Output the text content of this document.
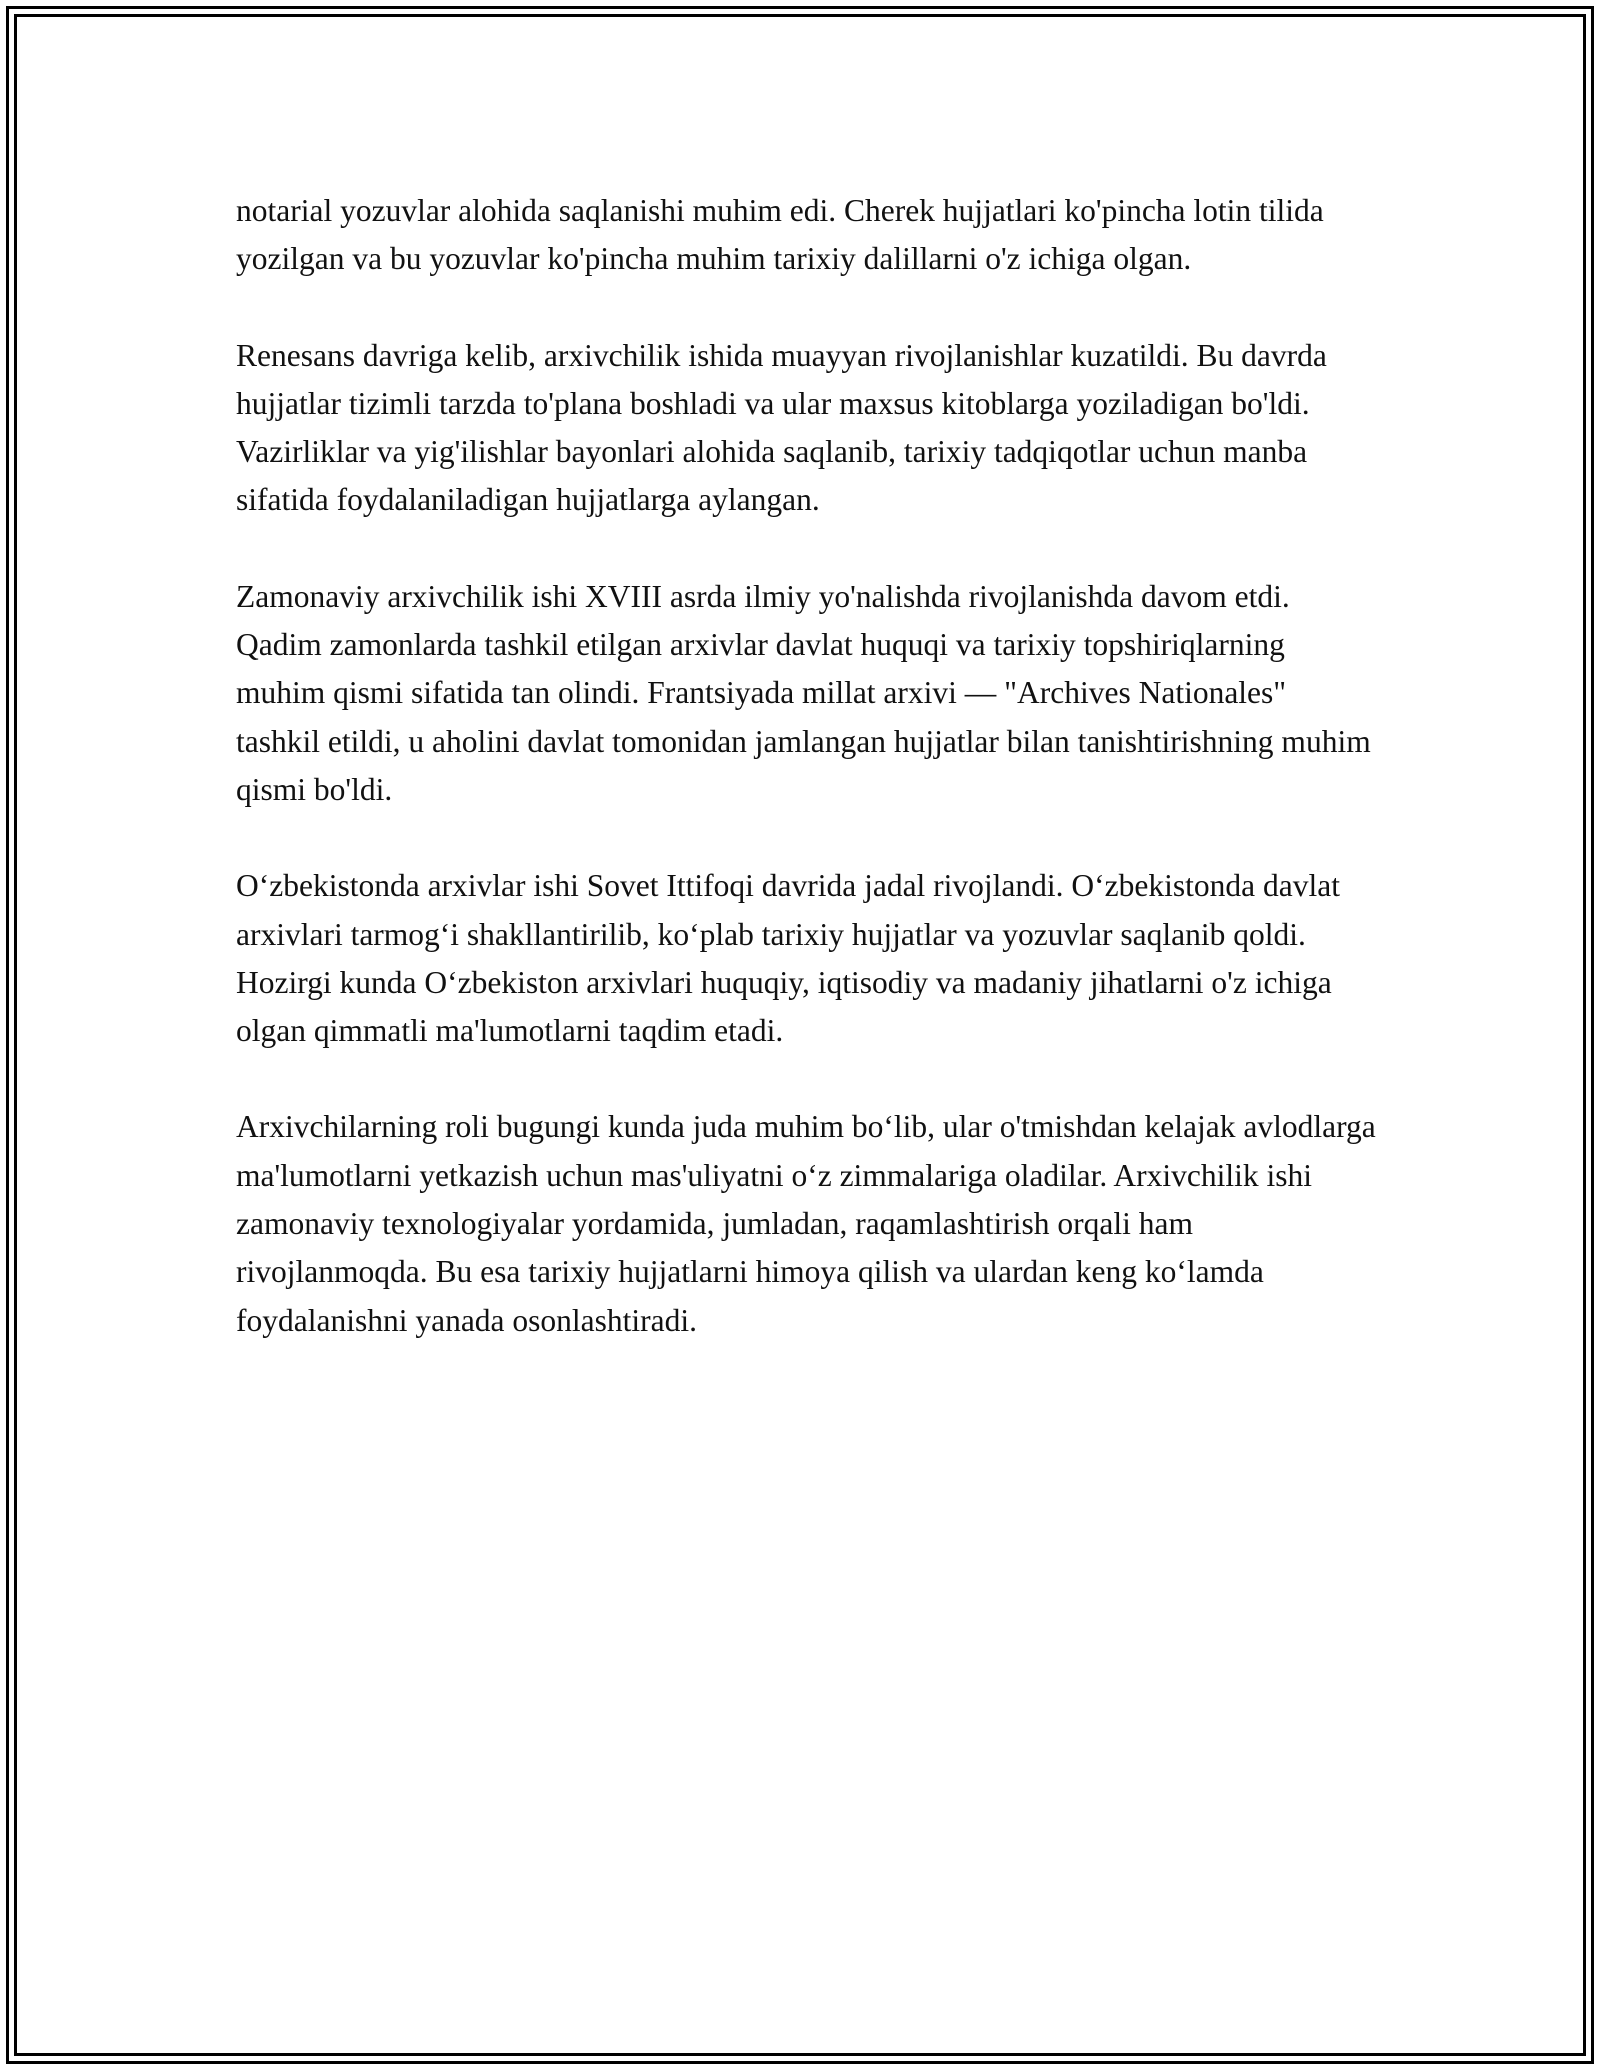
notarial yozuvlar alohida saqlanishi muhim edi. Cherek hujjatlari ko'pincha lotin tilida yozilgan va bu yozuvlar ko'pincha muhim tarixiy dalillarni o'z ichiga olgan.

Renesans davriga kelib, arxivchilik ishida muayyan rivojlanishlar kuzatildi. Bu davrda hujjatlar tizimli tarzda to'plana boshladi va ular maxsus kitoblarga yoziladigan bo'ldi. Vazirliklar va yig'ilishlar bayonlari alohida saqlanib, tarixiy tadqiqotlar uchun manba sifatida foydalaniladigan hujjatlarga aylangan.

Zamonaviy arxivchilik ishi XVIII asrda ilmiy yo'nalishda rivojlanishda davom etdi. Qadim zamonlarda tashkil etilgan arxivlar davlat huquqi va tarixiy topshiriqlarning muhim qismi sifatida tan olindi. Frantsiyada millat arxivi — "Archives Nationales" tashkil etildi, u aholini davlat tomonidan jamlangan hujjatlar bilan tanishtirishning muhim qismi bo'ldi.

O‘zbekistonda arxivlar ishi Sovet Ittifoqi davrida jadal rivojlandi. O‘zbekistonda davlat arxivlari tarmog‘i shakllantirilib, ko‘plab tarixiy hujjatlar va yozuvlar saqlanib qoldi. Hozirgi kunda O‘zbekiston arxivlari huquqiy, iqtisodiy va madaniy jihatlarni o'z ichiga olgan qimmatli ma'lumotlarni taqdim etadi.

Arxivchilarning roli bugungi kunda juda muhim bo‘lib, ular o'tmishdan kelajak avlodlarga ma'lumotlarni yetkazish uchun mas'uliyatni o‘z zimmalariga oladilar. Arxivchilik ishi zamonaviy texnologiyalar yordamida, jumladan, raqamlashtirish orqali ham rivojlanmoqda. Bu esa tarixiy hujjatlarni himoya qilish va ulardan keng ko‘lamda foydalanishni yanada osonlashtiradi.
